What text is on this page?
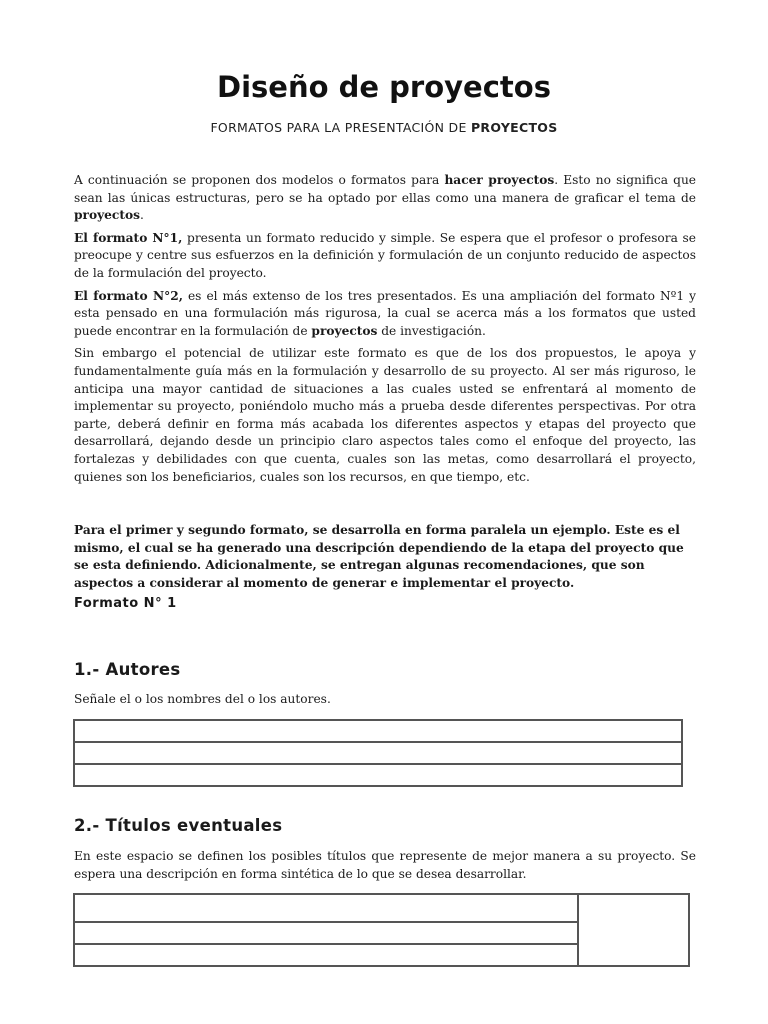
Diseño de proyectos
FORMATOS PARA LA PRESENTACIÓN DE PROYECTOS

A continuación se proponen dos modelos o formatos para hacer proyectos. Esto no significa que sean las únicas estructuras, pero se ha optado por ellas como una manera de graficar el tema de proyectos.

El formato N°1, presenta un formato reducido y simple. Se espera que el profesor o profesora se preocupe y centre sus esfuerzos en la definición y formulación de un conjunto reducido de aspectos de la formulación del proyecto.

El formato N°2, es el más extenso de los tres presentados. Es una ampliación del formato Nº1 y esta pensado en una formulación más rigurosa, la cual se acerca más a los formatos que usted puede encontrar en la formulación de proyectos de investigación.

Sin embargo el potencial de utilizar este formato es que de los dos propuestos, le apoya y fundamentalmente guía más en la formulación y desarrollo de su proyecto. Al ser más riguroso, le anticipa una mayor cantidad de situaciones a las cuales usted se enfrentará al momento de implementar su proyecto, poniéndolo mucho más a prueba desde diferentes perspectivas. Por otra parte, deberá definir en forma más acabada los diferentes aspectos y etapas del proyecto que desarrollará, dejando desde un principio claro aspectos tales como el enfoque del proyecto, las fortalezas y debilidades con que cuenta, cuales son las metas, como desarrollará el proyecto, quienes son los beneficiarios, cuales son los recursos, en que tiempo, etc.

Para el primer y segundo formato, se desarrolla en forma paralela un ejemplo. Este es el mismo, el cual se ha generado una descripción dependiendo de la etapa del proyecto que se esta definiendo. Adicionalmente, se entregan algunas recomendaciones, que son aspectos a considerar al momento de generar e implementar el proyecto.
Formato N° 1
1.- Autores

Señale el o los nombres del o los autores.

2.- Títulos eventuales

En este espacio se definen los posibles títulos que represente de mejor manera a su proyecto. Se espera una descripción en forma sintética de lo que se desea desarrollar.
